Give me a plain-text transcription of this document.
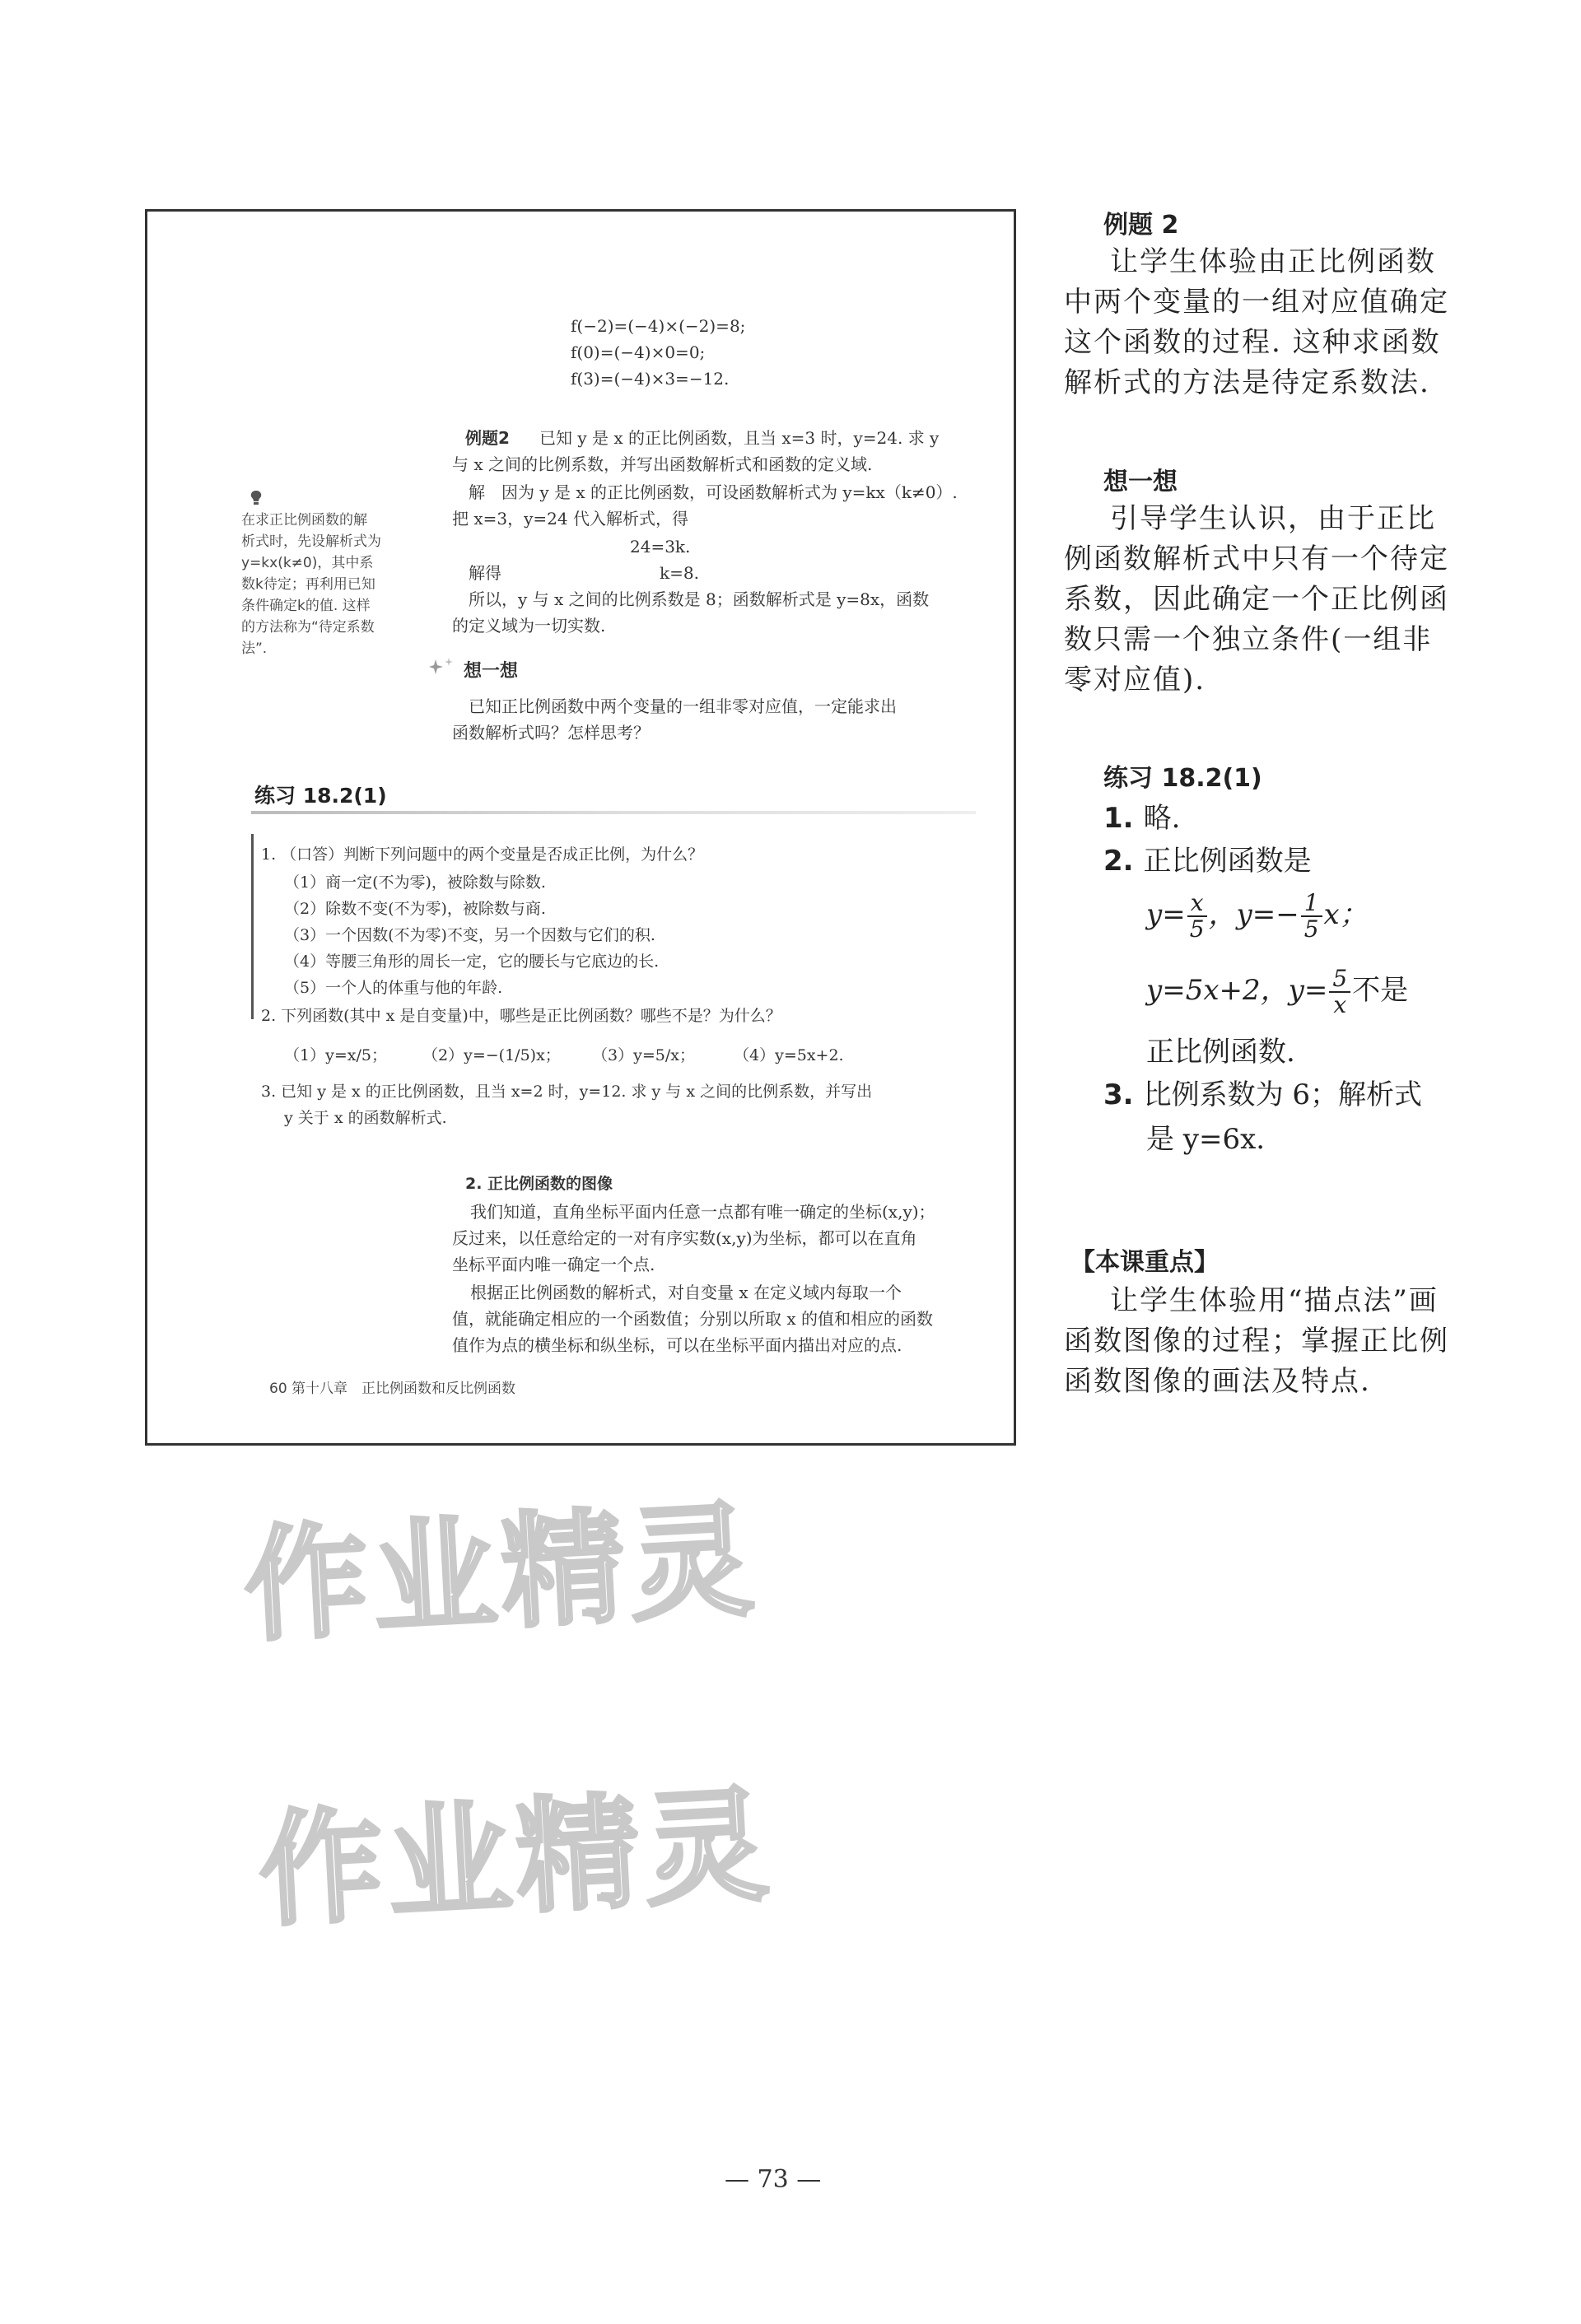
f(−2)=(−4)×(−2)=8;
f(0)=(−4)×0=0;
f(3)=(−4)×3=−12.
例题2 已知 y 是 x 的正比例函数，且当 x=3 时，y=24. 求 y
与 x 之间的比例系数，并写出函数解析式和函数的定义域.
解　因为 y 是 x 的正比例函数，可设函数解析式为 y=kx（k≠0）.
把 x=3，y=24 代入解析式，得
24=3k.
解得	k=8.
所以，y 与 x 之间的比例系数是 8；函数解析式是 y=8x，函数
的定义域为一切实数.
在求正比例函数的解
析式时，先设解析式为
y=kx(k≠0)，其中系
数k待定；再利用已知
条件确定k的值. 这样
的方法称为“待定系数
法”.
想一想
已知正比例函数中两个变量的一组非零对应值，一定能求出
函数解析式吗？怎样思考？
练习 18.2(1)
1. （口答）判断下列问题中的两个变量是否成正比例，为什么？
（1）商一定(不为零)，被除数与除数.
（2）除数不变(不为零)，被除数与商.
（3）一个因数(不为零)不变，另一个因数与它们的积.
（4）等腰三角形的周长一定，它的腰长与它底边的长.
（5）一个人的体重与他的年龄.
2. 下列函数(其中 x 是自变量)中，哪些是正比例函数？哪些不是？为什么？
（1）y=x/5； （2）y=−(1/5)x； （3）y=5/x； （4）y=5x+2.
3. 已知 y 是 x 的正比例函数，且当 x=2 时，y=12. 求 y 与 x 之间的比例系数，并写出
y 关于 x 的函数解析式.
2. 正比例函数的图像
我们知道，直角坐标平面内任意一点都有唯一确定的坐标(x,y)；
反过来，以任意给定的一对有序实数(x,y)为坐标，都可以在直角
坐标平面内唯一确定一个点.
根据正比例函数的解析式，对自变量 x 在定义域内每取一个
值，就能确定相应的一个函数值；分别以所取 x 的值和相应的函数
值作为点的横坐标和纵坐标，可以在坐标平面内描出对应的点.
60 第十八章　正比例函数和反比例函数
例题 2
让学生体验由正比例函数
中两个变量的一组对应值确定
这个函数的过程. 这种求函数
解析式的方法是待定系数法.
想一想
引导学生认识，由于正比
例函数解析式中只有一个待定
系数，因此确定一个正比例函
数只需一个独立条件(一组非
零对应值).
练习 18.2(1)
1. 略.
2. 正比例函数是
$y= \frac{x}{5}$ ，$y=- \frac{1}{5}$ x；
y=5x+2，$y= \frac{5}{x}$ 不是
正比例函数.
3. 比例系数为 6；解析式
是 y=6x.
【本课重点】
让学生体验用“描点法”画
函数图像的过程；掌握正比例
函数图像的画法及特点.
作业精灵
作业精灵
— 73 —
